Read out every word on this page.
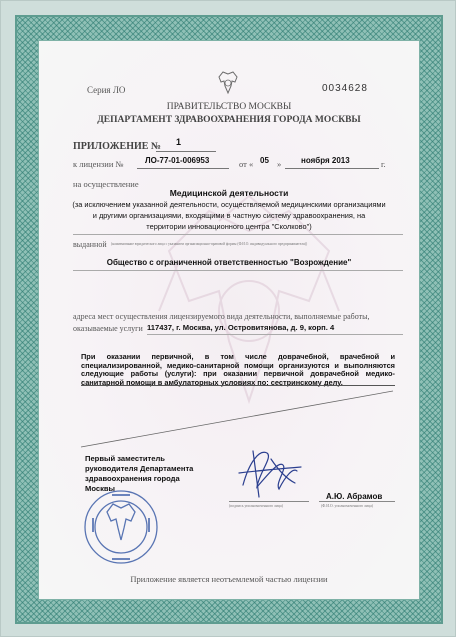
Серия ЛО	0034628
ПРАВИТЕЛЬСТВО МОСКВЫ
ДЕПАРТАМЕНТ ЗДРАВООХРАНЕНИЯ ГОРОДА МОСКВЫ
ПРИЛОЖЕНИЕ № 1
к лицензии №	ЛО-77-01-006953	от « 05 » ноября 2013	г.
на осуществление
Медицинской деятельности
(за исключением указанной деятельности, осуществляемой медицинскими организациями
и другими организациями, входящими в частную систему здравоохранения, на
территории инновационного центра "Сколково")
выданной (наименование юридического лица с указанием организационно-правовой формы (Ф.И.О. индивидуального предпринимателя))
Общество с ограниченной ответственностью "Возрождение"
адреса мест осуществления лицензируемого вида деятельности, выполняемые работы,
оказываемые услуги 117437, г. Москва, ул. Островитянова, д. 9, корп. 4
При оказании первичной, в том числе доврачебной, врачебной и специализированной, медико-санитарной помощи организуются и выполняются следующие работы (услуги): при оказании первичной доврачебной медико-санитарной помощи в амбулаторных условиях по: сестринскому делу.
Первый заместитель
руководителя Департамента
здравоохранения города
Москвы
(подпись уполномоченного лица)
А.Ю. Абрамов
(Ф.И.О. уполномоченного лица)
Приложение является неотъемлемой частью лицензии
